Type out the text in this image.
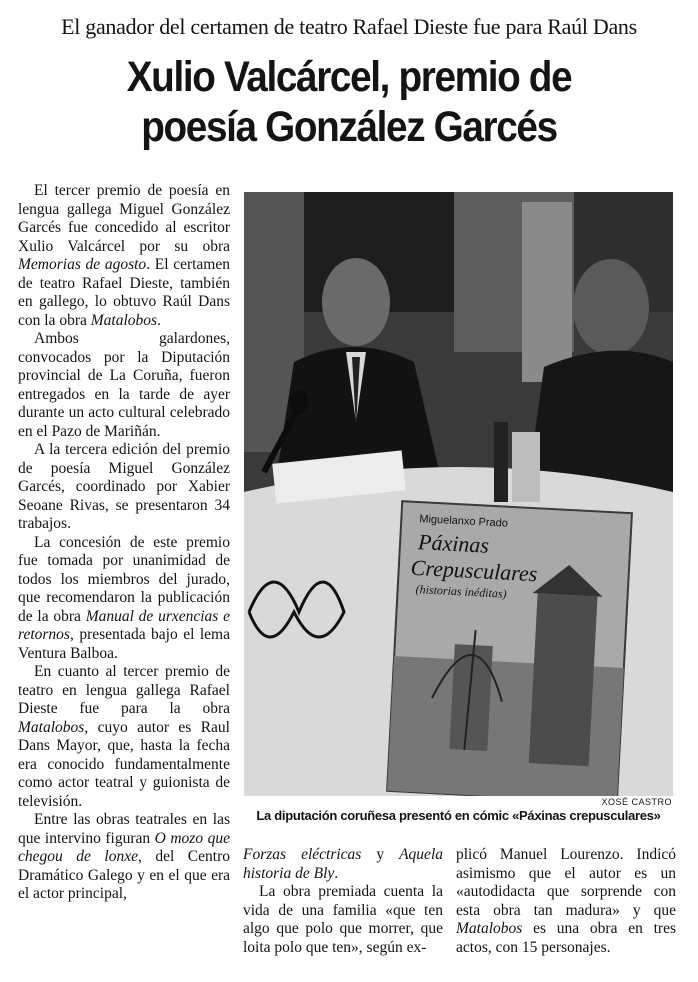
El ganador del certamen de teatro Rafael Dieste fue para Raúl Dans
Xulio Valcárcel, premio de
poesía González Garcés

El tercer premio de poesía en lengua gallega Miguel González Garcés fue concedido al escritor Xulio Valcárcel por su obra Memorias de agosto. El certamen de teatro Rafael Dieste, también en gallego, lo obtuvo Raúl Dans con la obra Matalobos.

Ambos galardones, convocados por la Diputación provincial de La Coruña, fueron entregados en la tarde de ayer durante un acto cultural celebrado en el Pazo de Mariñán.

A la tercera edición del premio de poesía Miguel González Garcés, coordinado por Xabier Seoane Rivas, se presentaron 34 trabajos.

La concesión de este premio fue tomada por unanimidad de todos los miembros del jurado, que recomendaron la publicación de la obra Manual de urxencias e retornos, presentada bajo el lema Ventura Balboa.

En cuanto al tercer premio de teatro en lengua gallega Rafael Dieste fue para la obra Matalobos, cuyo autor es Raul Dans Mayor, que, hasta la fecha era conocido fundamentalmente como actor teatral y guionista de televisión.

Entre las obras teatrales en las que intervino figuran O mozo que chegou de lonxe, del Centro Dramático Galego y en el que era el actor principal,

Miguelanxo Prado
Páxinas
Crepusculares
(historias inéditas)
XOSÉ CASTRO
La diputación coruñesa presentó en cómic «Páxinas crepusculares»

Forzas eléctricas y Aquela historia de Bly.

La obra premiada cuenta la vida de una familia «que ten algo que polo que morrer, que loita polo que ten», según ex-

plicó Manuel Lourenzo. Indicó asimismo que el autor es un «autodidacta que sorprende con esta obra tan madura» y que Matalobos es una obra en tres actos, con 15 personajes.
